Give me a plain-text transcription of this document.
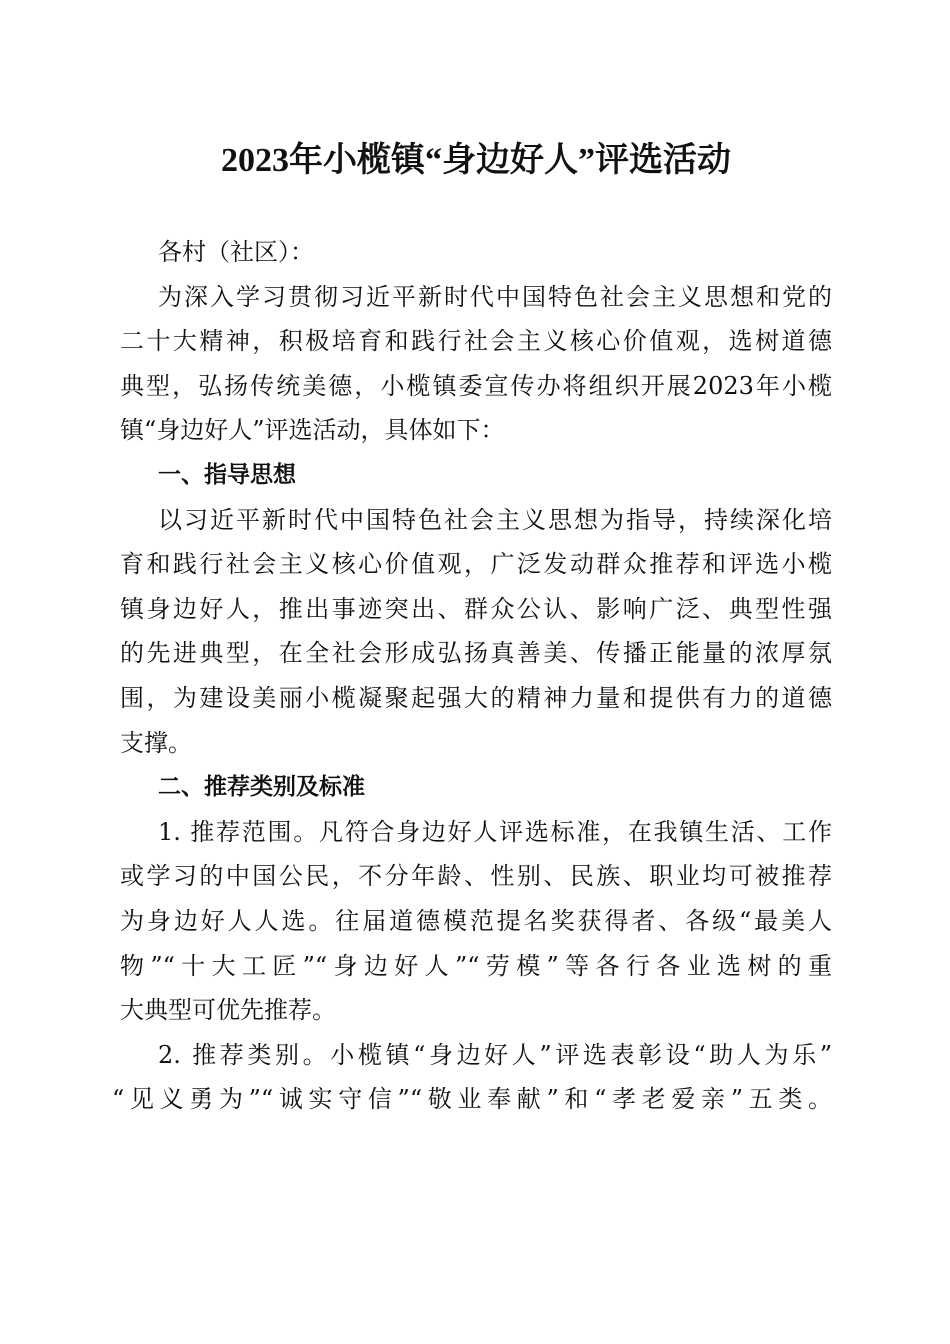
2023年小榄镇“身边好人”评选活动
各村（社区）：
为深入学习贯彻习近平新时代中国特色社会主义思想和党的
二十大精神，积极培育和践行社会主义核心价值观，选树道德
典型，弘扬传统美德，小榄镇委宣传办将组织开展2023年小榄
镇“身边好人”评选活动，具体如下：
一、指导思想
以习近平新时代中国特色社会主义思想为指导，持续深化培
育和践行社会主义核心价值观，广泛发动群众推荐和评选小榄
镇身边好人，推出事迹突出、群众公认、影响广泛、典型性强
的先进典型，在全社会形成弘扬真善美、传播正能量的浓厚氛
围，为建设美丽小榄凝聚起强大的精神力量和提供有力的道德
支撑。
二、推荐类别及标准
1. 推荐范围。凡符合身边好人评选标准，在我镇生活、工作
或学习的中国公民，不分年龄、性别、民族、职业均可被推荐
为身边好人人选。往届道德模范提名奖获得者、各级“最美人
物”“十大工匠”“身边好人”“劳模”等各行各业选树的重
大典型可优先推荐。
2. 推荐类别。小榄镇“身边好人”评选表彰设“助人为乐”
“见义勇为”“诚实守信”“敬业奉献”和“孝老爱亲”五类。
